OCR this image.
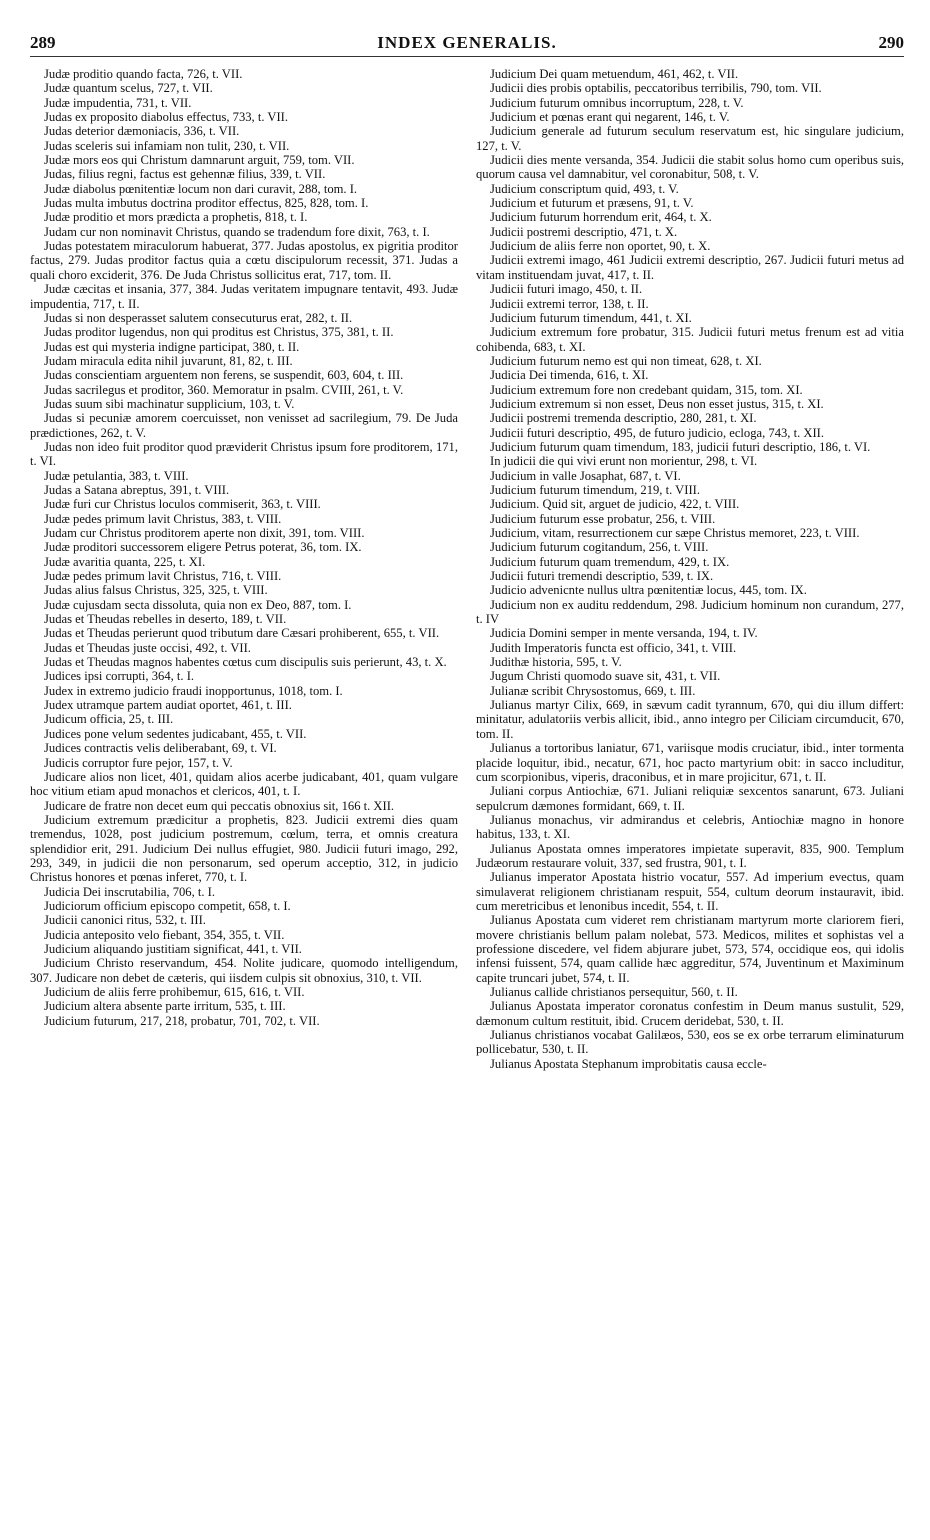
289	INDEX GENERALIS.	290

Judæ proditio quando facta, 726, t. VII.

Judæ quantum scelus, 727, t. VII.

Judæ impudentia, 731, t. VII.

Judas ex proposito diabolus effectus, 733, t. VII.

Judas deterior dæmoniacis, 336, t. VII.

Judas sceleris sui infamiam non tulit, 230, t. VII.

Judæ mors eos qui Christum damnarunt arguit, 759, tom. VII.

Judas, filius regni, factus est gehennæ filius, 339, t. VII.

Judæ diabolus pœnitentiæ locum non dari curavit, 288, tom. I.

Judas multa imbutus doctrina proditor effectus, 825, 828, tom. I.

Judæ proditio et mors prædicta a prophetis, 818, t. I.

Judam cur non nominavit Christus, quando se tradendum fore dixit, 763, t. I.

Judas potestatem miraculorum habuerat, 377. Judas apostolus, ex pigritia proditor factus, 279. Judas proditor factus quia a cœtu discipulorum recessit, 371. Judas a quali choro exciderit, 376. De Juda Christus sollicitus erat, 717, tom. II.

Judæ cæcitas et insania, 377, 384. Judas veritatem impugnare tentavit, 493. Judæ impudentia, 717, t. II.

Judas si non desperasset salutem consecuturus erat, 282, t. II.

Judas proditor lugendus, non qui proditus est Christus, 375, 381, t. II.

Judas est qui mysteria indigne participat, 380, t. II.

Judam miracula edita nihil juvarunt, 81, 82, t. III.

Judas conscientiam arguentem non ferens, se suspendit, 603, 604, t. III.

Judas sacrilegus et proditor, 360. Memoratur in psalm. CVIII, 261, t. V.

Judas suum sibi machinatur supplicium, 103, t. V.

Judas si pecuniæ amorem coercuisset, non venisset ad sacrilegium, 79. De Juda prædictiones, 262, t. V.

Judas non ideo fuit proditor quod præviderit Christus ipsum fore proditorem, 171, t. VI.

Judæ petulantia, 383, t. VIII.

Judas a Satana abreptus, 391, t. VIII.

Judæ furi cur Christus loculos commiserit, 363, t. VIII.

Judæ pedes primum lavit Christus, 383, t. VIII.

Judam cur Christus proditorem aperte non dixit, 391, tom. VIII.

Judæ proditori successorem eligere Petrus poterat, 36, tom. IX.

Judæ avaritia quanta, 225, t. XI.

Judæ pedes primum lavit Christus, 716, t. VIII.

Judas alius falsus Christus, 325, 325, t. VIII.

Judæ cujusdam secta dissoluta, quia non ex Deo, 887, tom. I.

Judas et Theudas rebelles in deserto, 189, t. VII.

Judas et Theudas perierunt quod tributum dare Cæsari prohiberent, 655, t. VII.

Judas et Theudas juste occisi, 492, t. VII.

Judas et Theudas magnos habentes cœtus cum discipulis suis perierunt, 43, t. X.

Judices ipsi corrupti, 364, t. I.

Judex in extremo judicio fraudi inopportunus, 1018, tom. I.

Judex utramque partem audiat oportet, 461, t. III.

Judicum officia, 25, t. III.

Judices pone velum sedentes judicabant, 455, t. VII.

Judices contractis velis deliberabant, 69, t. VI.

Judicis corruptor fure pejor, 157, t. V.

Judicare alios non licet, 401, quidam alios acerbe judicabant, 401, quam vulgare hoc vitium etiam apud monachos et clericos, 401, t. I.

Judicare de fratre non decet eum qui peccatis obnoxius sit, 166 t. XII.

Judicium extremum prædicitur a prophetis, 823. Judicii extremi dies quam tremendus, 1028, post judicium postremum, cœlum, terra, et omnis creatura splendidior erit, 291. Judicium Dei nullus effugiet, 980. Judicii futuri imago, 292, 293, 349, in judicii die non personarum, sed operum acceptio, 312, in judicio Christus honores et pœnas inferet, 770, t. I.

Judicia Dei inscrutabilia, 706, t. I.

Judiciorum officium episcopo competit, 658, t. I.

Judicii canonici ritus, 532, t. III.

Judicia anteposito velo fiebant, 354, 355, t. VII.

Judicium aliquando justitiam significat, 441, t. VII.

Judicium Christo reservandum, 454. Nolite judicare, quomodo intelligendum, 307. Judicare non debet de cæteris, qui iisdem culpis sit obnoxius, 310, t. VII.

Judicium de aliis ferre prohibemur, 615, 616, t. VII.

Judicium altera absente parte irritum, 535, t. III.

Judicium futurum, 217, 218, probatur, 701, 702, t. VII.

Judicium Dei quam metuendum, 461, 462, t. VII.

Judicii dies probis optabilis, peccatoribus terribilis, 790, tom. VII.

Judicium futurum omnibus incorruptum, 228, t. V.

Judicium et pœnas erant qui negarent, 146, t. V.

Judicium generale ad futurum seculum reservatum est, hic singulare judicium, 127, t. V.

Judicii dies mente versanda, 354. Judicii die stabit solus homo cum operibus suis, quorum causa vel damnabitur, vel coronabitur, 508, t. V.

Judicium conscriptum quid, 493, t. V.

Judicium et futurum et præsens, 91, t. V.

Judicium futurum horrendum erit, 464, t. X.

Judicii postremi descriptio, 471, t. X.

Judicium de aliis ferre non oportet, 90, t. X.

Judicii extremi imago, 461 Judicii extremi descriptio, 267. Judicii futuri metus ad vitam instituendam juvat, 417, t. II.

Judicii futuri imago, 450, t. II.

Judicii extremi terror, 138, t. II.

Judicium futurum timendum, 441, t. XI.

Judicium extremum fore probatur, 315. Judicii futuri metus frenum est ad vitia cohibenda, 683, t. XI.

Judicium futurum nemo est qui non timeat, 628, t. XI.

Judicia Dei timenda, 616, t. XI.

Judicium extremum fore non credebant quidam, 315, tom. XI.

Judicium extremum si non esset, Deus non esset justus, 315, t. XI.

Judicii postremi tremenda descriptio, 280, 281, t. XI.

Judicii futuri descriptio, 495, de futuro judicio, ecloga, 743, t. XII.

Judicium futurum quam timendum, 183, judicii futuri descriptio, 186, t. VI.

In judicii die qui vivi erunt non morientur, 298, t. VI.

Judicium in valle Josaphat, 687, t. VI.

Judicium futurum timendum, 219, t. VIII.

Judicium. Quid sit, arguet de judicio, 422, t. VIII.

Judicium futurum esse probatur, 256, t. VIII.

Judicium, vitam, resurrectionem cur sæpe Christus memoret, 223, t. VIII.

Judicium futurum cogitandum, 256, t. VIII.

Judicium futurum quam tremendum, 429, t. IX.

Judicii futuri tremendi descriptio, 539, t. IX.

Judicio advenicnte nullus ultra pœnitentiæ locus, 445, tom. IX.

Judicium non ex auditu reddendum, 298. Judicium hominum non curandum, 277, t. IV

Judicia Domini semper in mente versanda, 194, t. IV.

Judith Imperatoris functa est officio, 341, t. VIII.

Judithæ historia, 595, t. V.

Jugum Christi quomodo suave sit, 431, t. VII.

Julianæ scribit Chrysostomus, 669, t. III.

Julianus martyr Cilix, 669, in sævum cadit tyrannum, 670, qui diu illum differt: minitatur, adulatoriis verbis allicit, ibid., anno integro per Ciliciam circumducit, 670, tom. II.

Julianus a tortoribus laniatur, 671, variisque modis cruciatur, ibid., inter tormenta placide loquitur, ibid., necatur, 671, hoc pacto martyrium obit: in sacco includitur, cum scorpionibus, viperis, draconibus, et in mare projicitur, 671, t. II.

Juliani corpus Antiochiæ, 671. Juliani reliquiæ sexcentos sanarunt, 673. Juliani sepulcrum dæmones formidant, 669, t. II.

Julianus monachus, vir admirandus et celebris, Antiochiæ magno in honore habitus, 133, t. XI.

Julianus Apostata omnes imperatores impietate superavit, 835, 900. Templum Judæorum restaurare voluit, 337, sed frustra, 901, t. I.

Julianus imperator Apostata histrio vocatur, 557. Ad imperium evectus, quam simulaverat religionem christianam respuit, 554, cultum deorum instauravit, ibid. cum meretricibus et lenonibus incedit, 554, t. II.

Julianus Apostata cum videret rem christianam martyrum morte clariorem fieri, movere christianis bellum palam nolebat, 573. Medicos, milites et sophistas vel a professione discedere, vel fidem abjurare jubet, 573, 574, occidique eos, qui idolis infensi fuissent, 574, quam callide hæc aggreditur, 574, Juventinum et Maximinum capite truncari jubet, 574, t. II.

Julianus callide christianos persequitur, 560, t. II.

Julianus Apostata imperator coronatus confestim in Deum manus sustulit, 529, dæmonum cultum restituit, ibid. Crucem deridebat, 530, t. II.

Julianus christianos vocabat Galilæos, 530, eos se ex orbe terrarum eliminaturum pollicebatur, 530, t. II.

Julianus Apostata Stephanum improbitatis causa eccle-
